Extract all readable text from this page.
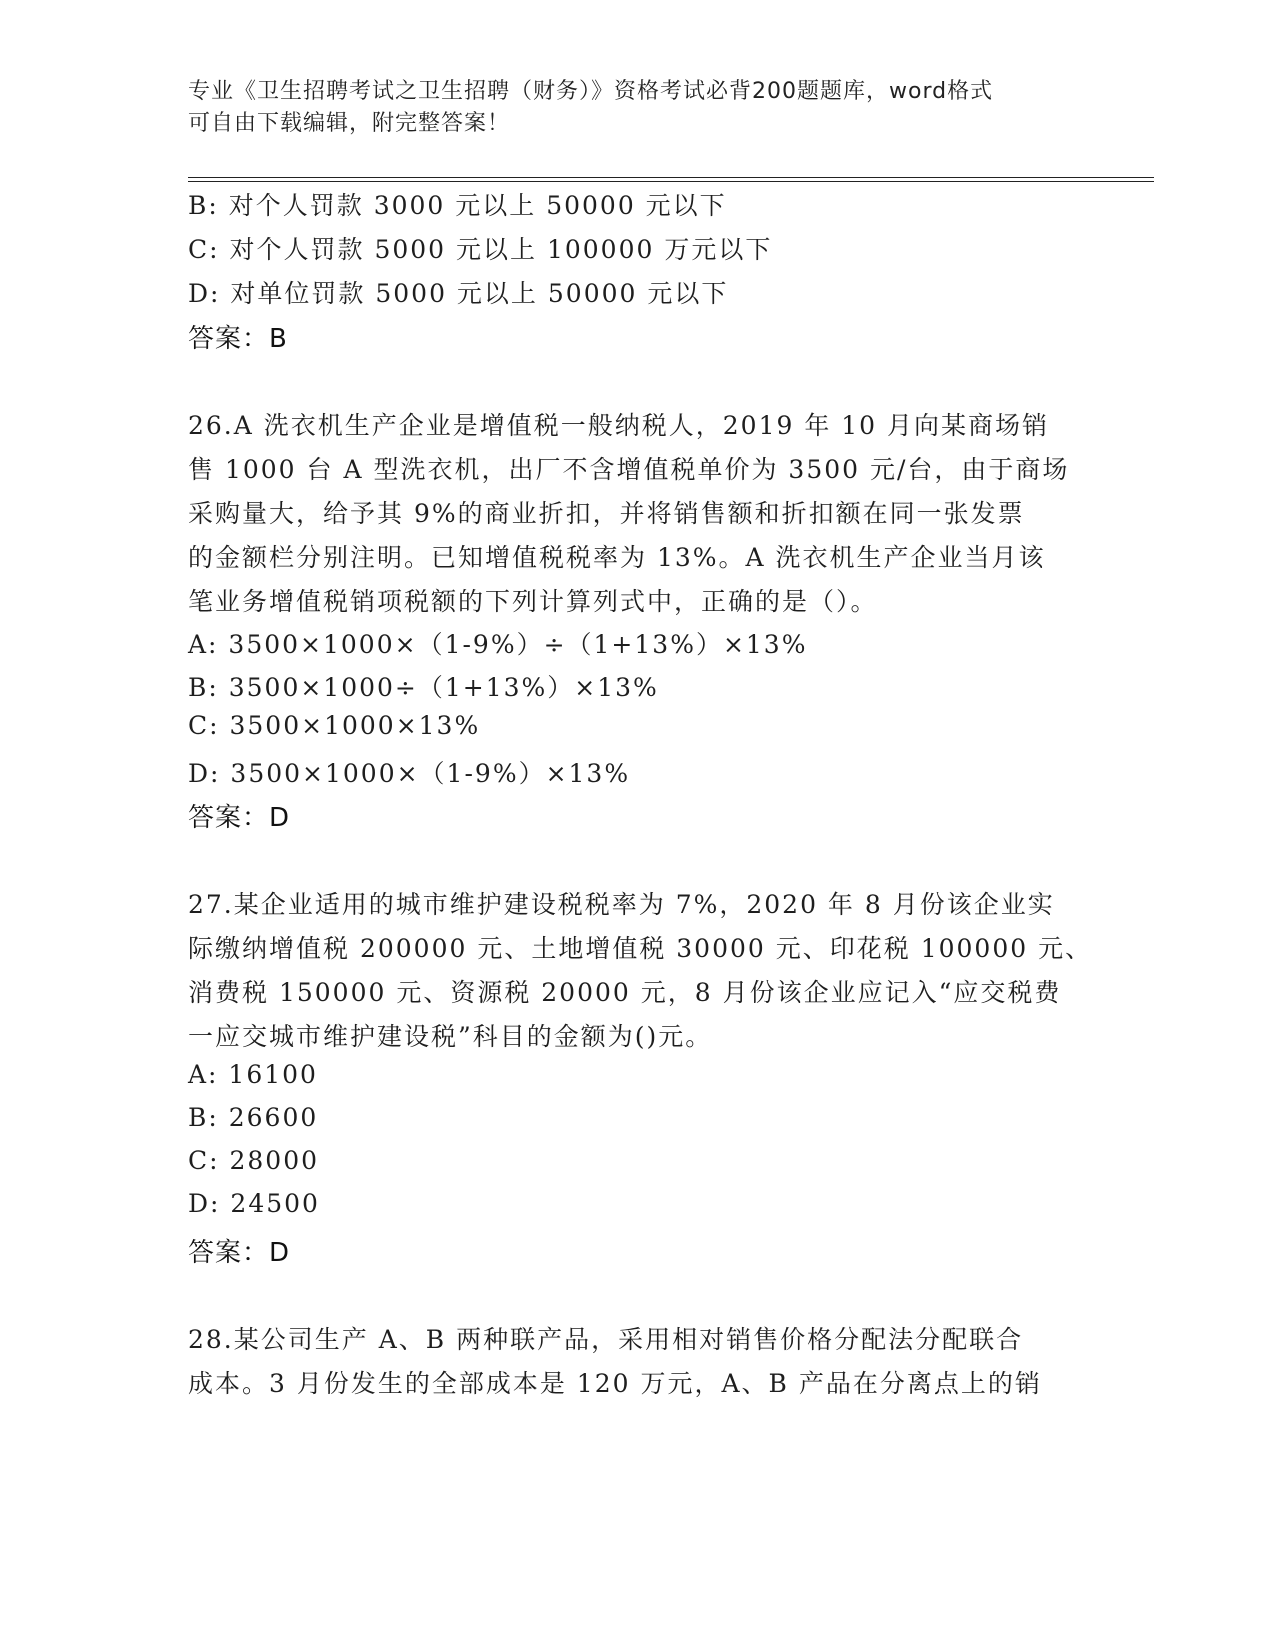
专业《卫生招聘考试之卫生招聘（财务）》资格考试必背200题题库，word格式
可自由下载编辑，附完整答案！
B: 对个人罚款 3000 元以上 50000 元以下
C: 对个人罚款 5000 元以上 100000 万元以下
D: 对单位罚款 5000 元以上 50000 元以下
答案：B
26.A 洗衣机生产企业是增值税一般纳税人，2019 年 10 月向某商场销
售 1000 台 A 型洗衣机，出厂不含增值税单价为 3500 元/台，由于商场
采购量大，给予其 9%的商业折扣，并将销售额和折扣额在同一张发票
的金额栏分别注明。已知增值税税率为 13%。A 洗衣机生产企业当月该
笔业务增值税销项税额的下列计算列式中，正确的是（）。
A: 3500×1000×（1-9%）÷（1+13%）×13%
B: 3500×1000÷（1+13%）×13%
C: 3500×1000×13%
D: 3500×1000×（1-9%）×13%
答案：D
27.某企业适用的城市维护建设税税率为 7%，2020 年 8 月份该企业实
际缴纳增值税 200000 元、土地增值税 30000 元、印花税 100000 元、
消费税 150000 元、资源税 20000 元，8 月份该企业应记入“应交税费
一应交城市维护建设税”科目的金额为()元。
A: 16100
B: 26600
C: 28000
D: 24500
答案：D
28.某公司生产 A、B 两种联产品，采用相对销售价格分配法分配联合
成本。3 月份发生的全部成本是 120 万元，A、B 产品在分离点上的销
